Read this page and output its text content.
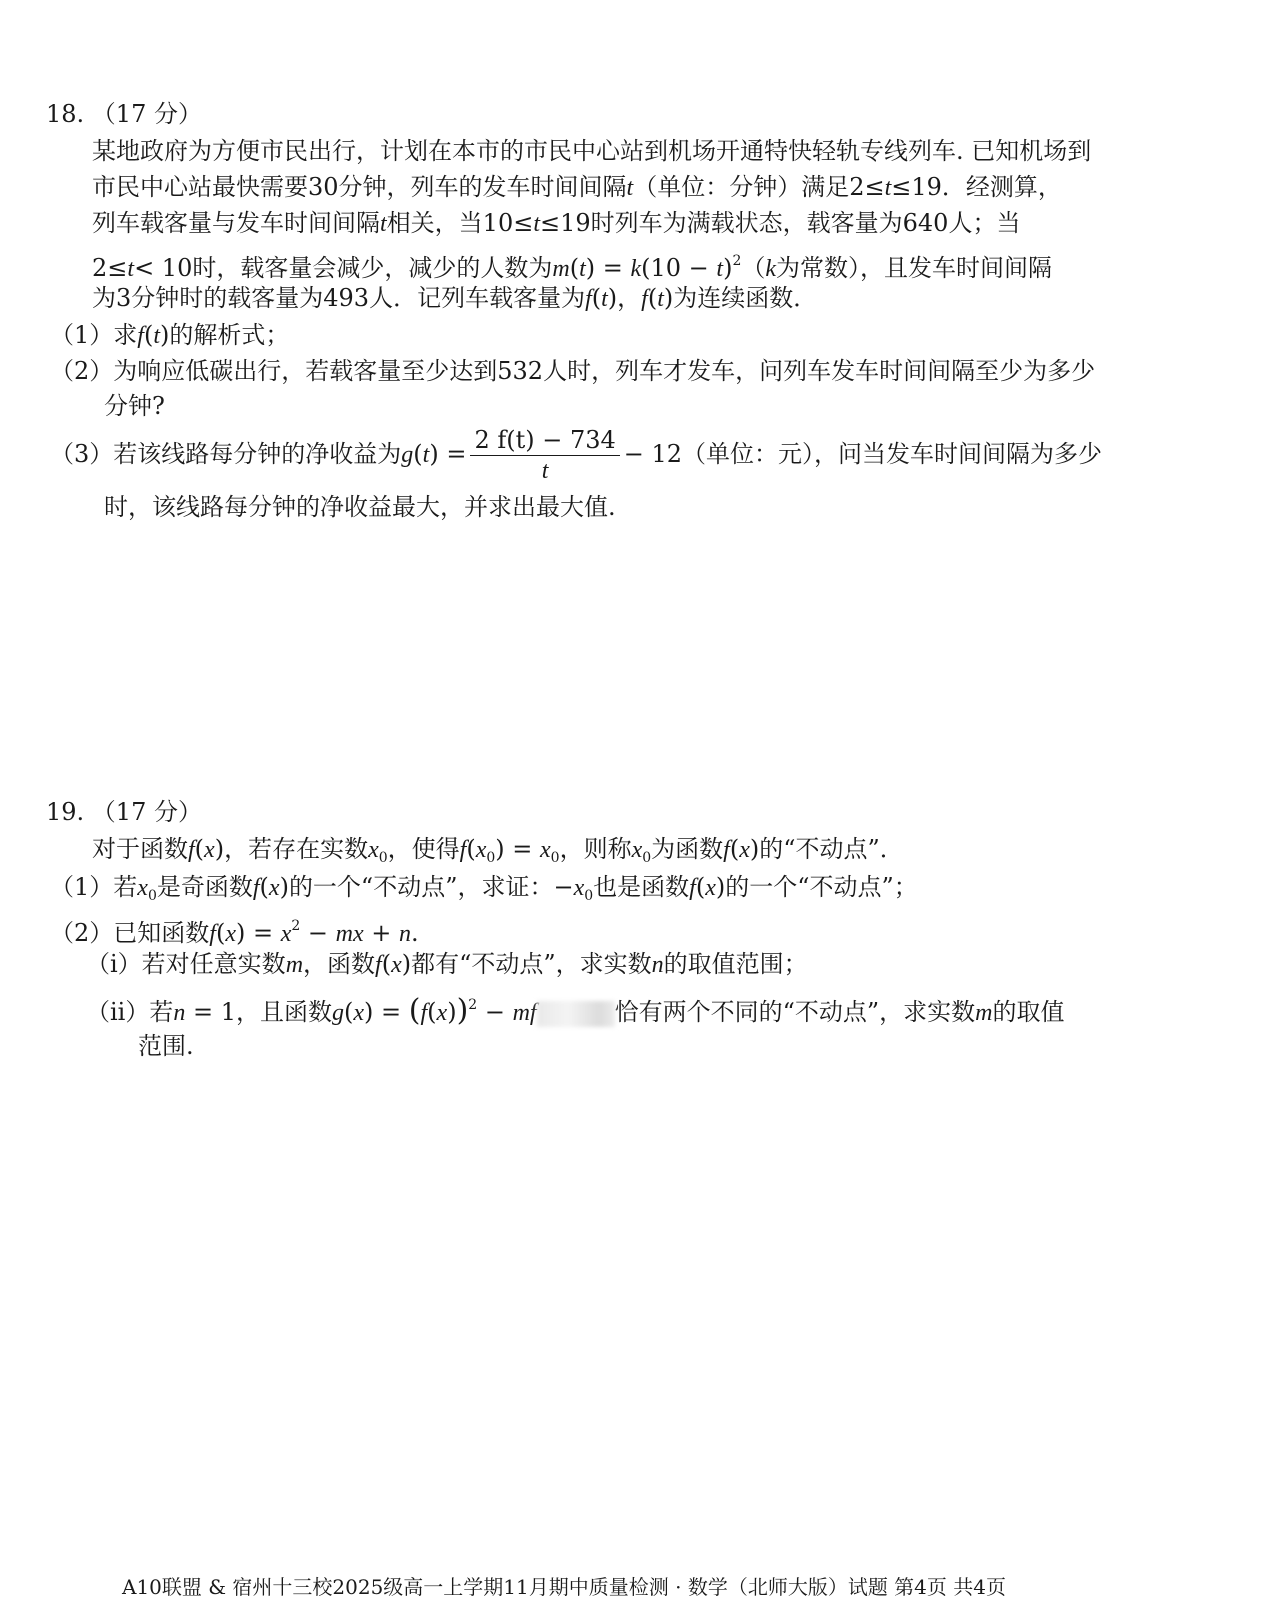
18. （17 分）
某地政府为方便市民出行，计划在本市的市民中心站到机场开通特快轻轨专线列车. 已知机场到
市民中心站最快需要30分钟，列车的发车时间间隔t（单位：分钟）满足2≤t≤19．经测算，
列车载客量与发车时间间隔t相关，当10≤t≤19时列车为满载状态，载客量为640人；当
2≤t< 10时，载客量会减少，减少的人数为$m(t) = k(10 - t)^2(k$为常数），且发车时间间隔
为3分钟时的载客量为493人．记列车载客量为f(t)，f(t)为连续函数．
（1）求f(t)的解析式；
（2）为响应低碳出行，若载客量至少达到532人时，列车才发车，问列车发车时间间隔至少为多少
分钟?
（3）若该线路每分钟的净收益为$g(t) = \frac{2 f(t) - 734}{t} - 12$（单位：元），问当发车时间间隔为多少
时，该线路每分钟的净收益最大，并求出最大值.
19. （17 分）
对于函数f(x)，若存在实数$x_0$，使得$f(x_0) = x_0$，则称$x_0$为函数f(x)的“不动点”．
（1）若$x_0$是奇函数f(x)的一个“不动点”，求证：$-x_0$也是函数f(x)的一个“不动点”；
（2）已知函数$f(x) = x^2$ − mx + n.
（i）若对任意实数m，函数f(x)都有“不动点”，求实数n的取值范围；
（ii）若n = 1，且函数$g(x) = (f(x))^2$ − mf	恰有两个不同的“不动点”，求实数m的取值
范围.
A10联盟 & 宿州十三校2025级高一上学期11月期中质量检测 · 数学（北师大版）试题 第4页 共4页
